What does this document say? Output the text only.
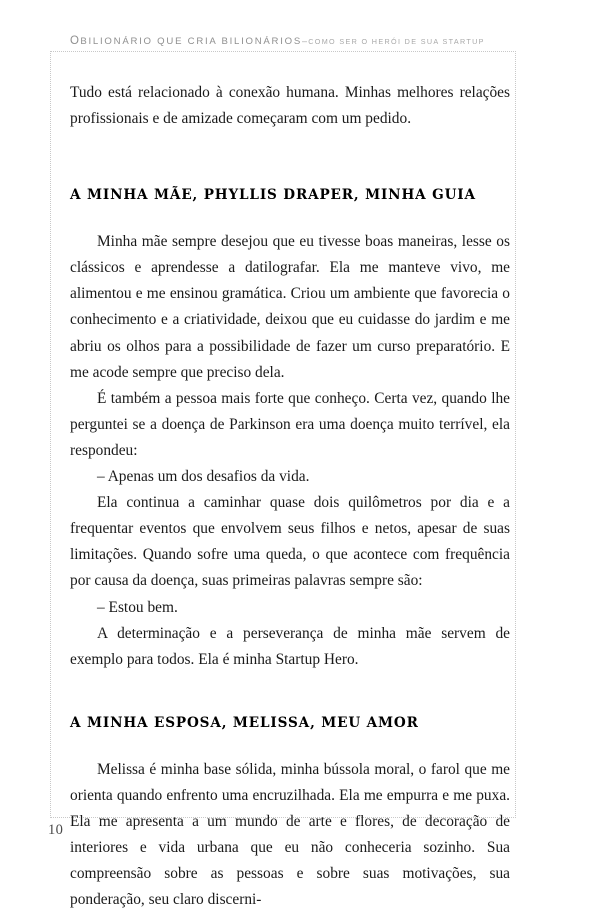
OBILIONÁRIO QUE CRIA BILIONÁRIOS–COMO SER O HERÓI DE SUA STARTUP

Tudo está relacionado à conexão humana. Minhas melhores relações profissionais e de amizade começaram com um pedido.

A MINHA MÃE, PHYLLIS DRAPER, MINHA GUIA

Minha mãe sempre desejou que eu tivesse boas maneiras, lesse os clássicos e aprendesse a datilografar. Ela me manteve vivo, me alimentou e me ensinou gramática. Criou um ambiente que favorecia o conhecimento e a criatividade, deixou que eu cuidasse do jardim e me abriu os olhos para a possibilidade de fazer um curso preparatório. E me acode sempre que preciso dela.

É também a pessoa mais forte que conheço. Certa vez, quando lhe perguntei se a doença de Parkinson era uma doença muito terrível, ela respondeu:

– Apenas um dos desafios da vida.

Ela continua a caminhar quase dois quilômetros por dia e a frequentar eventos que envolvem seus filhos e netos, apesar de suas limitações. Quando sofre uma queda, o que acontece com frequência por causa da doença, suas primeiras palavras sempre são:

– Estou bem.

A determinação e a perseverança de minha mãe servem de exemplo para todos. Ela é minha Startup Hero.

A MINHA ESPOSA, MELISSA, MEU AMOR

Melissa é minha base sólida, minha bússola moral, o farol que me orienta quando enfrento uma encruzilhada. Ela me empurra e me puxa. Ela me apresenta a um mundo de arte e flores, de decoração de interiores e vida urbana que eu não conheceria sozinho. Sua compreensão sobre as pessoas e sobre suas motivações, sua ponderação, seu claro discerni-

10
